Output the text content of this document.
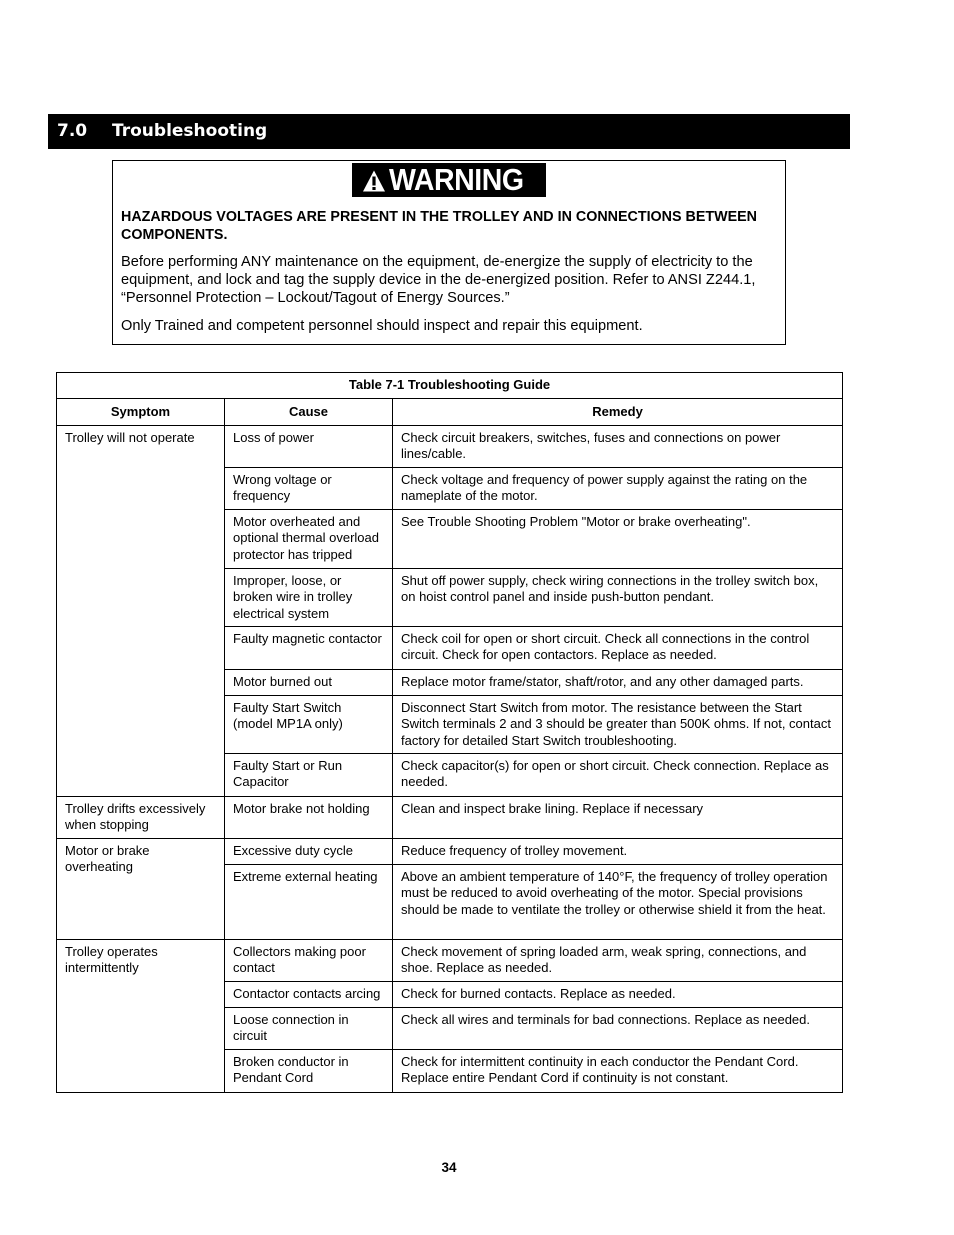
7.0 Troubleshooting
WARNING
HAZARDOUS VOLTAGES ARE PRESENT IN THE TROLLEY AND IN CONNECTIONS BETWEEN COMPONENTS.
Before performing ANY maintenance on the equipment, de-energize the supply of electricity to the equipment, and lock and tag the supply device in the de-energized position. Refer to ANSI Z244.1, “Personnel Protection – Lockout/Tagout of Energy Sources.”
Only Trained and competent personnel should inspect and repair this equipment.
Table 7-1 Troubleshooting Guide		
Symptom	Cause	Remedy
Trolley will not operate	Loss of power	Check circuit breakers, switches, fuses and connections on power lines/cable.
	Wrong voltage or frequency	Check voltage and frequency of power supply against the rating on the nameplate of the motor.
	Motor overheated and optional thermal overload protector has tripped	See Trouble Shooting Problem "Motor or brake overheating".
	Improper, loose, or broken wire in trolley electrical system	Shut off power supply, check wiring connections in the trolley switch box, on hoist control panel and inside push-button pendant.
	Faulty magnetic contactor	Check coil for open or short circuit. Check all connections in the control circuit. Check for open contactors. Replace as needed.
	Motor burned out	Replace motor frame/stator, shaft/rotor, and any other damaged parts.
	Faulty Start Switch (model MP1A only)	Disconnect Start Switch from motor. The resistance between the Start Switch terminals 2 and 3 should be greater than 500K ohms. If not, contact factory for detailed Start Switch troubleshooting.
	Faulty Start or Run Capacitor	Check capacitor(s) for open or short circuit. Check connection. Replace as needed.
Trolley drifts excessively when stopping	Motor brake not holding	Clean and inspect brake lining. Replace if necessary
Motor or brake overheating	Excessive duty cycle	Reduce frequency of trolley movement.
	Extreme external heating	Above an ambient temperature of 140°F, the frequency of trolley operation must be reduced to avoid overheating of the motor. Special provisions should be made to ventilate the trolley or otherwise shield it from the heat.
Trolley operates intermittently	Collectors making poor contact	Check movement of spring loaded arm, weak spring, connections, and shoe. Replace as needed.
	Contactor contacts arcing	Check for burned contacts. Replace as needed.
	Loose connection in circuit	Check all wires and terminals for bad connections. Replace as needed.
	Broken conductor in Pendant Cord	Check for intermittent continuity in each conductor the Pendant Cord. Replace entire Pendant Cord if continuity is not constant.
34
